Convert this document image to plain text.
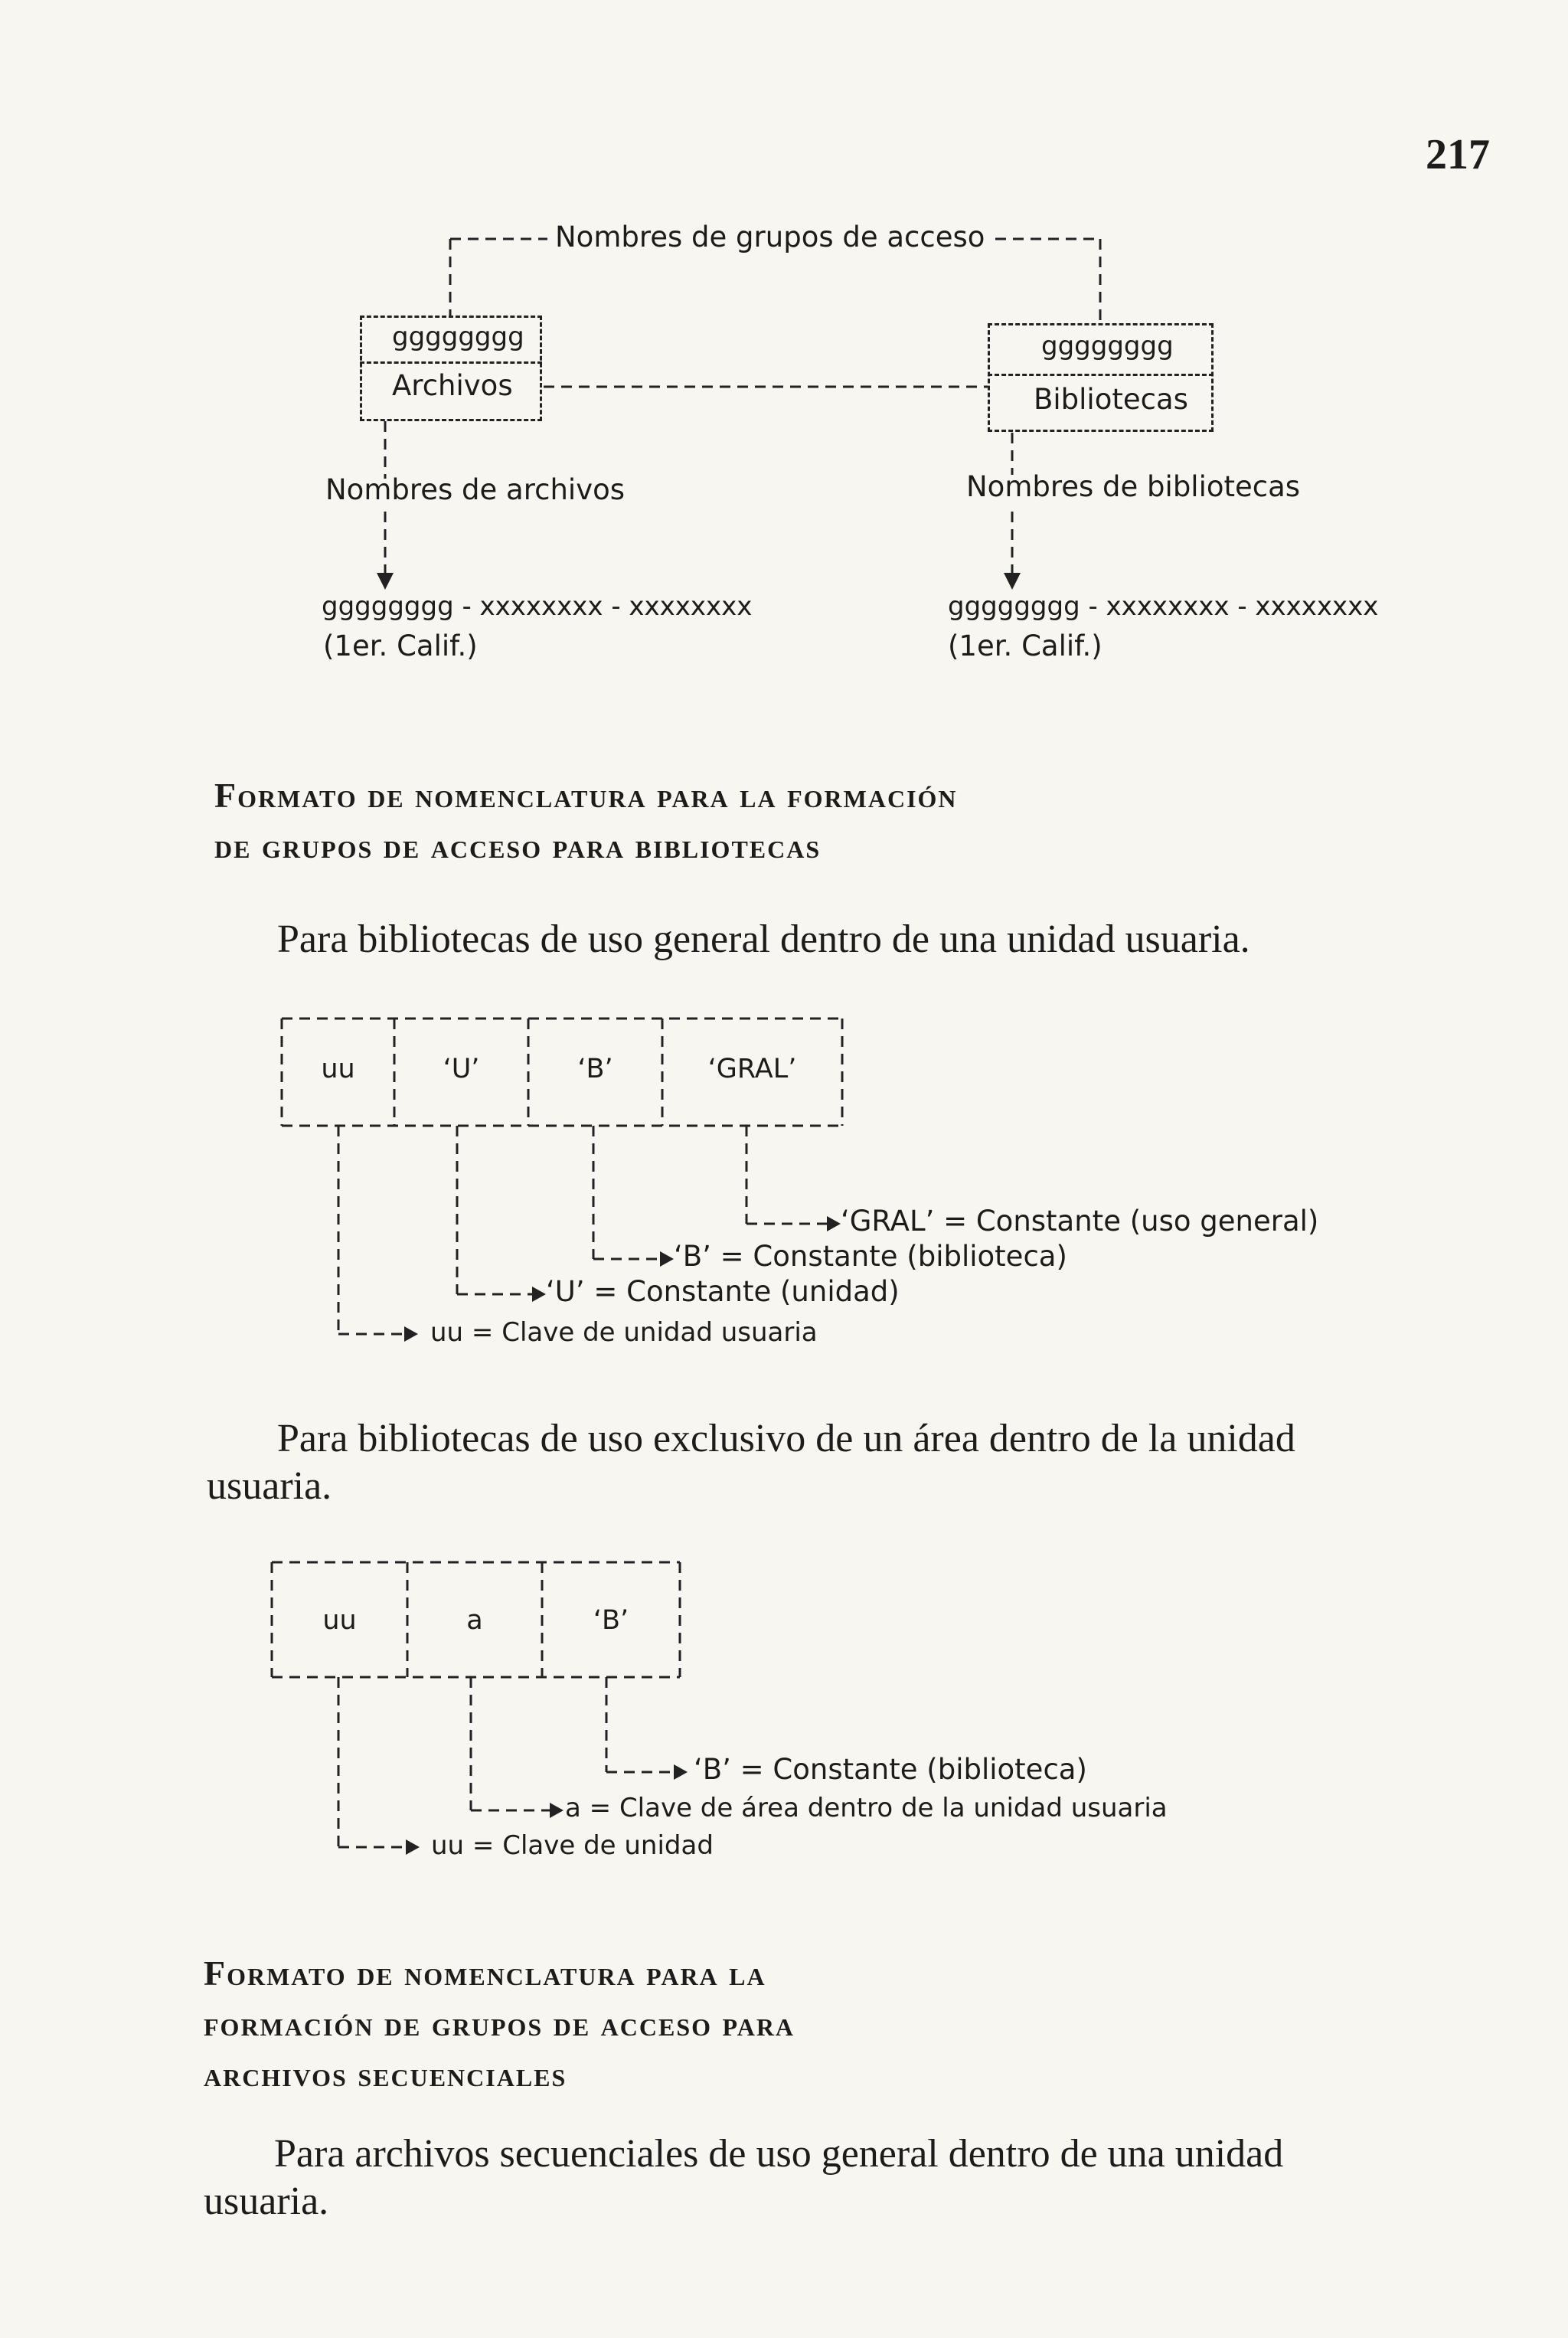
217
Nombres de grupos de acceso
gggggggg
Archivos
gggggggg
Bibliotecas
Nombres de archivos	Nombres de bibliotecas
gggggggg - xxxxxxxx - xxxxxxxx	gggggggg - xxxxxxxx - xxxxxxxx
(1er. Calif.)	(1er. Calif.)

Formato de nomenclatura para la formación

de grupos de acceso para bibliotecas

Para bibliotecas de uso general dentro de una unidad usuaria.
uu	‘U’	‘B’	‘GRAL’
‘GRAL’ = Constante (uso general)
‘B’ = Constante (biblioteca)
‘U’ = Constante (unidad)
uu = Clave de unidad usuaria
Para bibliotecas de uso exclusivo de un área dentro de la unidad
usuaria.
uu	a	‘B’
‘B’ = Constante (biblioteca)
a = Clave de área dentro de la unidad usuaria
uu = Clave de unidad

Formato de nomenclatura para la

formación de grupos de acceso para

archivos secuenciales

Para archivos secuenciales de uso general dentro de una unidad
usuaria.
